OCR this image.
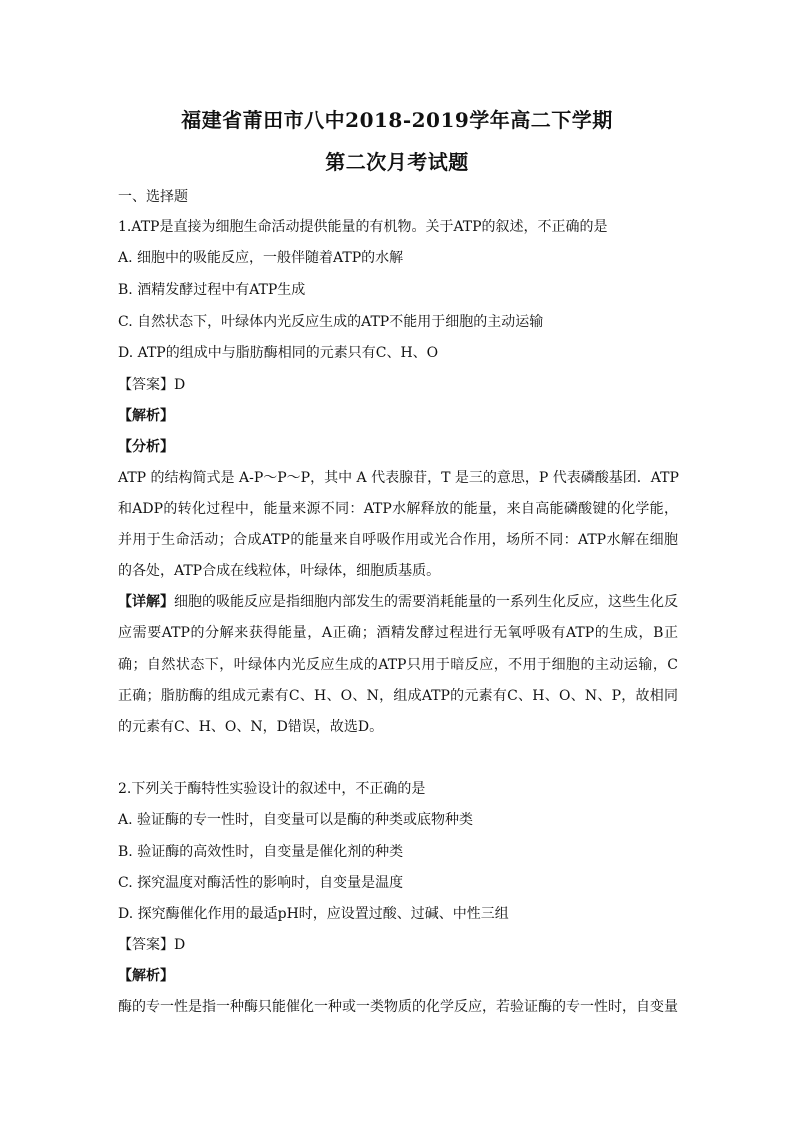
福建省莆田市八中2018-2019学年高二下学期
第二次月考试题
一、选择题
1.ATP是直接为细胞生命活动提供能量的有机物。关于ATP的叙述，不正确的是
A. 细胞中的吸能反应，一般伴随着ATP的水解
B. 酒精发酵过程中有ATP生成
C. 自然状态下，叶绿体内光反应生成的ATP不能用于细胞的主动运输
D. ATP的组成中与脂肪酶相同的元素只有C、H、O
【答案】D
【解析】
【分析】
ATP 的结构简式是 A-P～P～P，其中 A 代表腺苷，T 是三的意思，P 代表磷酸基团．ATP
和ADP的转化过程中，能量来源不同：ATP水解释放的能量，来自高能磷酸键的化学能，
并用于生命活动；合成ATP的能量来自呼吸作用或光合作用，场所不同：ATP水解在细胞
的各处，ATP合成在线粒体，叶绿体，细胞质基质。
【详解】细胞的吸能反应是指细胞内部发生的需要消耗能量的一系列生化反应，这些生化反
应需要ATP的分解来获得能量，A正确；酒精发酵过程进行无氧呼吸有ATP的生成，B正
确；自然状态下，叶绿体内光反应生成的ATP只用于暗反应，不用于细胞的主动运输，C
正确；脂肪酶的组成元素有C、H、O、N，组成ATP的元素有C、H、O、N、P，故相同
的元素有C、H、O、N，D错误，故选D。
2.下列关于酶特性实验设计的叙述中，不正确的是
A. 验证酶的专一性时，自变量可以是酶的种类或底物种类
B. 验证酶的高效性时，自变量是催化剂的种类
C. 探究温度对酶活性的影响时，自变量是温度
D. 探究酶催化作用的最适pH时，应设置过酸、过碱、中性三组
【答案】D
【解析】
酶的专一性是指一种酶只能催化一种或一类物质的化学反应，若验证酶的专一性时，自变量
